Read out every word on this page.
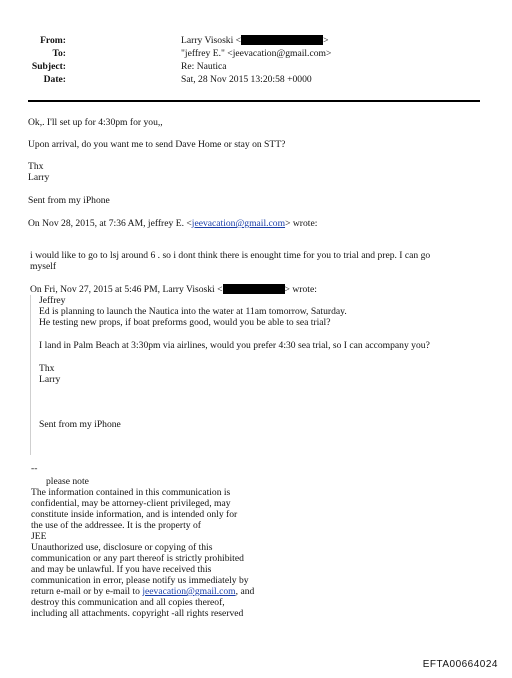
From:	Larry Visoski <	>
To:	"jeffrey E." <jeevacation@gmail.com>
Subject:	Re: Nautica
Date:	Sat, 28 Nov 2015 13:20:58 +0000
Ok,. I'll set up for 4:30pm for you,,
Upon arrival, do you want me to send Dave Home or stay on STT?
Thx
Larry
Sent from my iPhone
On Nov 28, 2015, at 7:36 AM, jeffrey E. <jeevacation@gmail.com> wrote:
i would like to go to lsj around 6 . so i dont think there is enought time for you to trial and prep. I can go
myself
On Fri, Nov 27, 2015 at 5:46 PM, Larry Visoski <	> wrote:
Jeffrey
Ed is planning to launch the Nautica into the water at 11am tomorrow, Saturday.
He testing new props, if boat preforms good, would you be able to sea trial?
I land in Palm Beach at 3:30pm via airlines, would you prefer 4:30 sea trial, so I can accompany you?
Thx
Larry
Sent from my iPhone
--
please note
The information contained in this communication is
confidential, may be attorney-client privileged, may
constitute inside information, and is intended only for
the use of the addressee. It is the property of
JEE
Unauthorized use, disclosure or copying of this
communication or any part thereof is strictly prohibited
and may be unlawful. If you have received this
communication in error, please notify us immediately by
return e-mail or by e-mail to jeevacation@gmail.com, and
destroy this communication and all copies thereof,
including all attachments. copyright -all rights reserved
EFTA00664024
